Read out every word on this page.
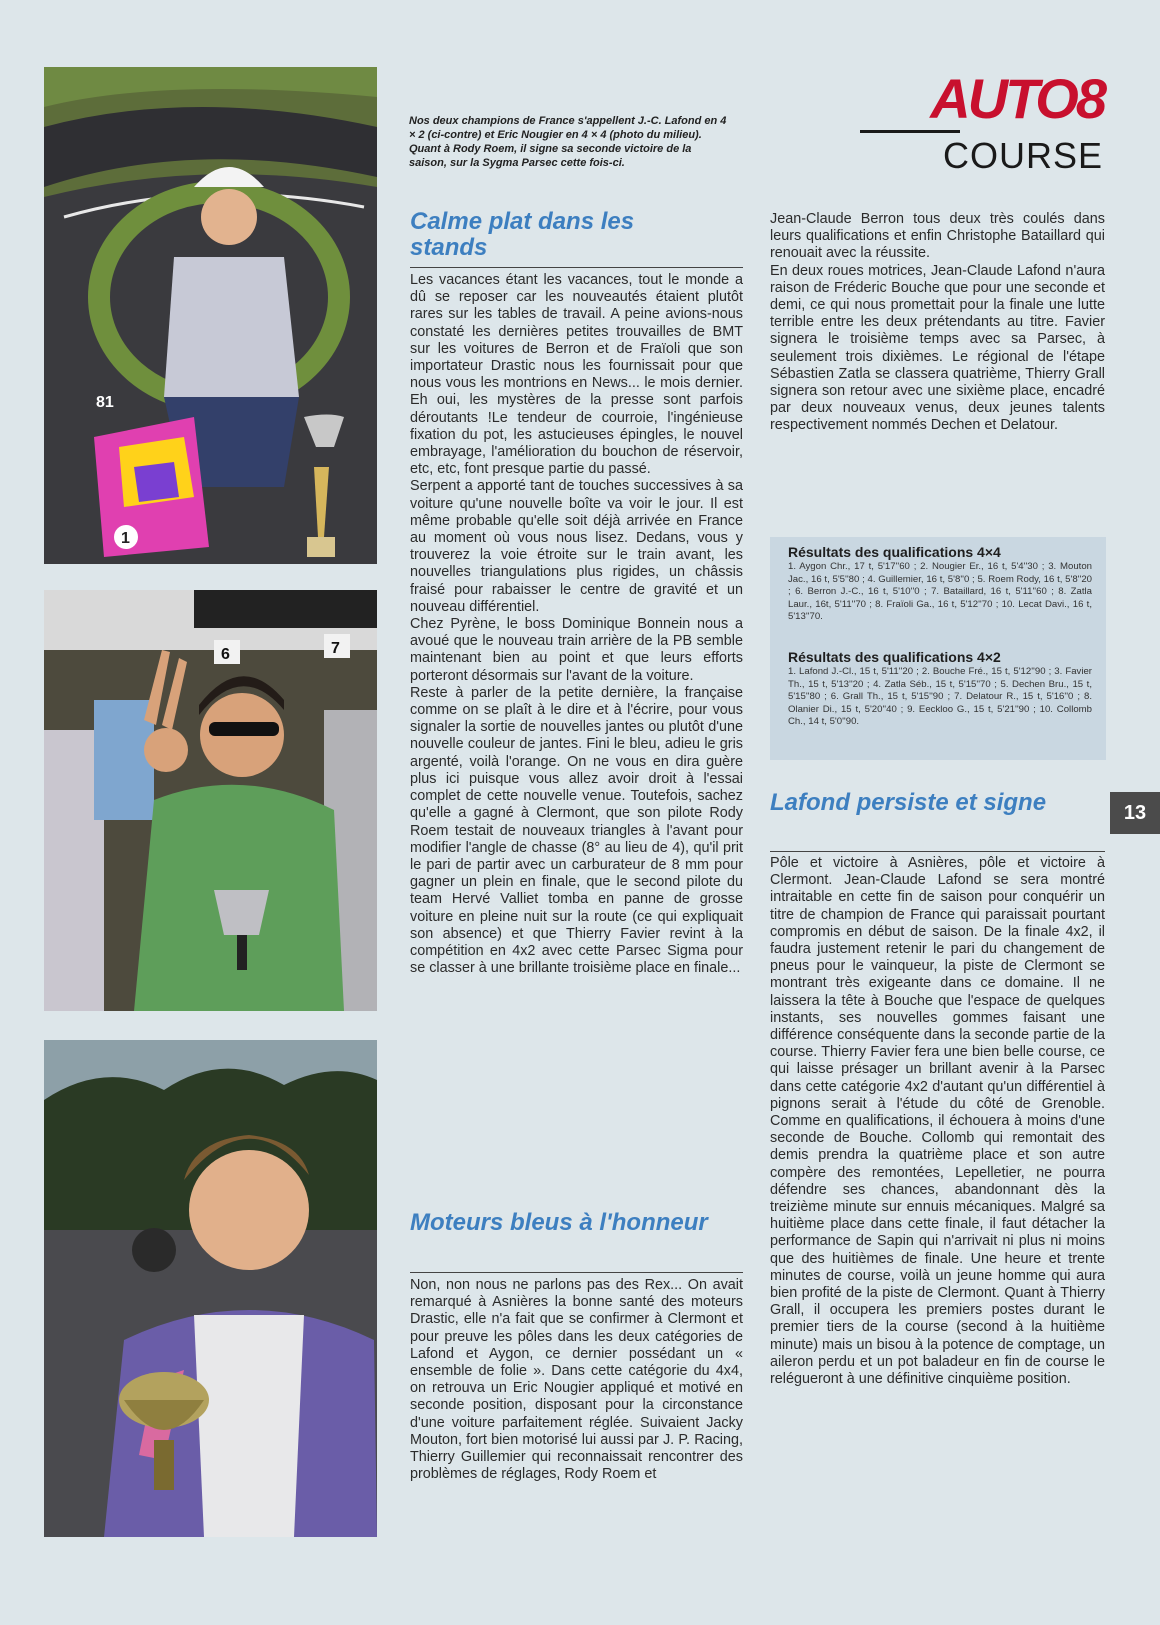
81
1
6	7
Nos deux champions de France s'appellent J.-C. Lafond en 4 × 2 (ci-contre) et Eric Nougier en 4 × 4 (photo du milieu). Quant à Rody Roem, il signe sa seconde victoire de la saison, sur la Sygma Parsec cette fois-ci.
AUTO8
COURSE
Calme plat dans les stands

Les vacances étant les vacances, tout le monde a dû se reposer car les nouveautés étaient plutôt rares sur les tables de travail. A peine avions-nous constaté les dernières petites trouvailles de BMT sur les voitures de Berron et de Fraïoli que son importateur Drastic nous les fournissait pour que nous vous les montrions en News... le mois dernier. Eh oui, les mystères de la presse sont parfois déroutants !Le tendeur de courroie, l'ingénieuse fixation du pot, les astucieuses épingles, le nouvel embrayage, l'amélioration du bouchon de réservoir, etc, etc, font presque partie du passé.
Serpent a apporté tant de touches successives à sa voiture qu'une nouvelle boîte va voir le jour. Il est même probable qu'elle soit déjà arrivée en France au moment où vous nous lisez. Dedans, vous y trouverez la voie étroite sur le train avant, les nouvelles triangulations plus rigides, un châssis fraisé pour rabaisser le centre de gravité et un nouveau différentiel.
Chez Pyrène, le boss Dominique Bonnein nous a avoué que le nouveau train arrière de la PB semble maintenant bien au point et que leurs efforts porteront désormais sur l'avant de la voiture.
Reste à parler de la petite dernière, la française comme on se plaît à le dire et à l'écrire, pour vous signaler la sortie de nouvelles jantes ou plutôt d'une nouvelle couleur de jantes. Fini le bleu, adieu le gris argenté, voilà l'orange. On ne vous en dira guère plus ici puisque vous allez avoir droit à l'essai complet de cette nouvelle venue. Toutefois, sachez qu'elle a gagné à Clermont, que son pilote Rody Roem testait de nouveaux triangles à l'avant pour modifier l'angle de chasse (8° au lieu de 4), qu'il prit le pari de partir avec un carburateur de 8 mm pour gagner un plein en finale, que le second pilote du team Hervé Valliet tomba en panne de grosse voiture en pleine nuit sur la route (ce qui expliquait son absence) et que Thierry Favier revint à la compétition en 4x2 avec cette Parsec Sigma pour se classer à une brillante troisième place en finale...

Moteurs bleus à l'honneur

Non, non nous ne parlons pas des Rex... On avait remarqué à Asnières la bonne santé des moteurs Drastic, elle n'a fait que se confirmer à Clermont et pour preuve les pôles dans les deux catégories de Lafond et Aygon, ce dernier possédant un « ensemble de folie ». Dans cette catégorie du 4x4, on retrouva un Eric Nougier appliqué et motivé en seconde position, disposant pour la circonstance d'une voiture parfaitement réglée. Suivaient Jacky Mouton, fort bien motorisé lui aussi par J. P. Racing, Thierry Guillemier qui reconnaissait rencontrer des problèmes de réglages, Rody Roem et

Jean-Claude Berron tous deux très coulés dans leurs qualifications et enfin Christophe Bataillard qui renouait avec la réussite.
En deux roues motrices, Jean-Claude Lafond n'aura raison de Fréderic Bouche que pour une seconde et demi, ce qui nous promettait pour la finale une lutte terrible entre les deux prétendants au titre. Favier signera le troisième temps avec sa Parsec, à seulement trois dixièmes. Le régional de l'étape Sébastien Zatla se classera quatrième, Thierry Grall signera son retour avec une sixième place, encadré par deux nouveaux venus, deux jeunes talents respectivement nommés Dechen et Delatour.

Résultats des qualifications 4×4

1. Aygon Chr., 17 t, 5'17''60 ; 2. Nougier Er., 16 t, 5'4''30 ; 3. Mouton Jac., 16 t, 5'5''80 ; 4. Guillemier, 16 t, 5'8''0 ; 5. Roem Rody, 16 t, 5'8''20 ; 6. Berron J.-C., 16 t, 5'10''0 ; 7. Bataillard, 16 t, 5'11''60 ; 8. Zatla Laur., 16t, 5'11''70 ; 8. Fraïoli Ga., 16 t, 5'12''70 ; 10. Lecat Davi., 16 t, 5'13''70.

Résultats des qualifications 4×2

1. Lafond J.-Cl., 15 t, 5'11''20 ; 2. Bouche Fré., 15 t, 5'12''90 ; 3. Favier Th., 15 t, 5'13''20 ; 4. Zatla Séb., 15 t, 5'15''70 ; 5. Dechen Bru., 15 t, 5'15''80 ; 6. Grall Th., 15 t, 5'15''90 ; 7. Delatour R., 15 t, 5'16''0 ; 8. Olanier Di., 15 t, 5'20''40 ; 9. Eeckloo G., 15 t, 5'21''90 ; 10. Collomb Ch., 14 t, 5'0''90.

Lafond persiste et signe

Pôle et victoire à Asnières, pôle et victoire à Clermont. Jean-Claude Lafond se sera montré intraitable en cette fin de saison pour conquérir un titre de champion de France qui paraissait pourtant compromis en début de saison. De la finale 4x2, il faudra justement retenir le pari du changement de pneus pour le vainqueur, la piste de Clermont se montrant très exigeante dans ce domaine. Il ne laissera la tête à Bouche que l'espace de quelques instants, ses nouvelles gommes faisant une différence conséquente dans la seconde partie de la course. Thierry Favier fera une bien belle course, ce qui laisse présager un brillant avenir à la Parsec dans cette catégorie 4x2 d'autant qu'un différentiel à pignons serait à l'étude du côté de Grenoble. Comme en qualifications, il échouera à moins d'une seconde de Bouche. Collomb qui remontait des demis prendra la quatrième place et son autre compère des remontées, Lepelletier, ne pourra défendre ses chances, abandonnant dès la treizième minute sur ennuis mécaniques. Malgré sa huitième place dans cette finale, il faut détacher la performance de Sapin qui n'arrivait ni plus ni moins que des huitièmes de finale. Une heure et trente minutes de course, voilà un jeune homme qui aura bien profité de la piste de Clermont. Quant à Thierry Grall, il occupera les premiers postes durant le premier tiers de la course (second à la huitième minute) mais un bisou à la potence de comptage, un aileron perdu et un pot baladeur en fin de course le relégueront à une définitive cinquième position.

13
